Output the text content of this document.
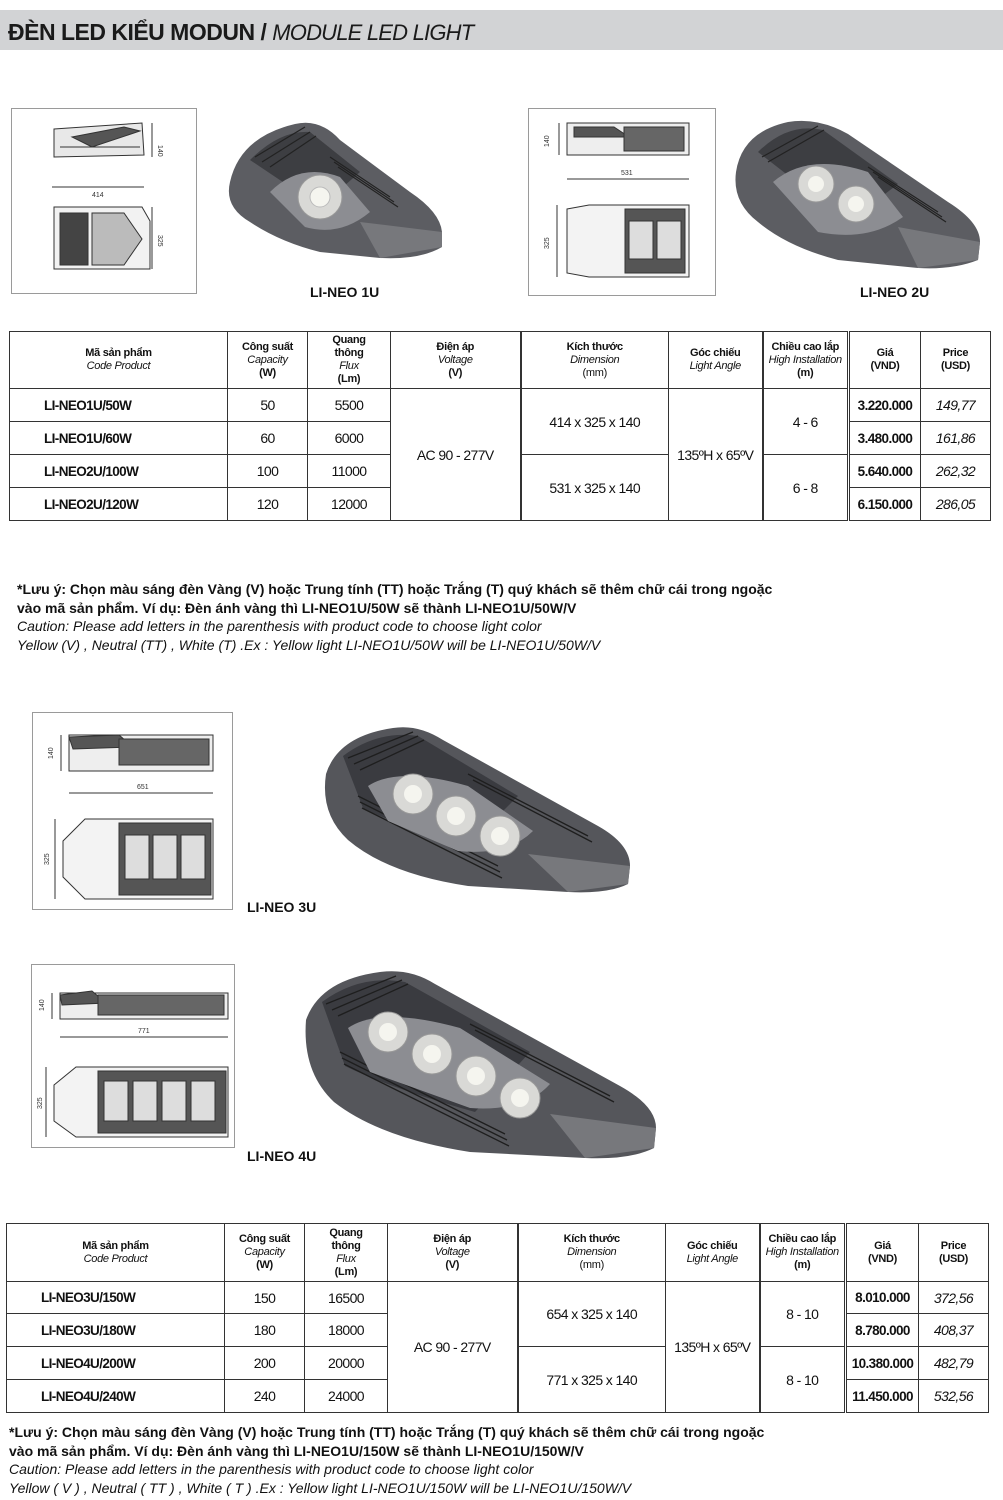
ĐÈN LED KIỂU MODUN / MODULE LED LIGHT
140
414
325
LI-NEO 1U
140
531
325
LI-NEO 2U
Mã sản phẩm
Code Product	Công suất
Capacity
(W)	Quang
thông
Flux
(Lm)	Điện áp
Voltage
(V)	Kích thước
Dimension
(mm)	Góc chiếu
Light Angle	Chiều cao lắp
High Installation
(m)	Giá
(VND)	Price
(USD)

LI-NEO1U/50W	50	5500	AC 90 - 277V	414 x 325 x 140	135ºH x 65ºV	4 - 6	3.220.000	149,77
LI-NEO1U/60W	60	6000					3.480.000	161,86
LI-NEO2U/100W	100	11000		531 x 325 x 140		6 - 8	5.640.000	262,32
LI-NEO2U/120W	120	12000					6.150.000	286,05
*Lưu ý: Chọn màu sáng đèn Vàng (V) hoặc Trung tính (TT) hoặc Trắng (T) quý khách sẽ thêm chữ cái trong ngoặc
vào mã sản phẩm. Ví dụ: Đèn ánh vàng thì LI-NEO1U/50W sẽ thành LI-NEO1U/50W/V
Caution: Please add letters in the parenthesis with product code to choose light color
Yellow (V) , Neutral (TT) , White (T) .Ex : Yellow light LI-NEO1U/50W will be LI-NEO1U/50W/V
140
651
325
LI-NEO 3U
140
771
325
LI-NEO 4U
Mã sản phẩm
Code Product	Công suất
Capacity
(W)	Quang
thông
Flux
(Lm)	Điện áp
Voltage
(V)	Kích thước
Dimension
(mm)	Góc chiếu
Light Angle	Chiều cao lắp
High Installation
(m)	Giá
(VND)	Price
(USD)

LI-NEO3U/150W	150	16500	AC 90 - 277V	654 x 325 x 140	135ºH x 65ºV	8 - 10	8.010.000	372,56
LI-NEO3U/180W	180	18000					8.780.000	408,37
LI-NEO4U/200W	200	20000		771 x 325 x 140		8 - 10	10.380.000	482,79
LI-NEO4U/240W	240	24000					11.450.000	532,56
*Lưu ý: Chọn màu sáng đèn Vàng (V) hoặc Trung tính (TT) hoặc Trắng (T) quý khách sẽ thêm chữ cái trong ngoặc
vào mã sản phẩm. Ví dụ: Đèn ánh vàng thì LI-NEO1U/150W sẽ thành LI-NEO1U/150W/V
Caution: Please add letters in the parenthesis with product code to choose light color
Yellow ( V ) , Neutral ( TT ) , White ( T ) .Ex : Yellow light LI-NEO1U/150W will be LI-NEO1U/150W/V
